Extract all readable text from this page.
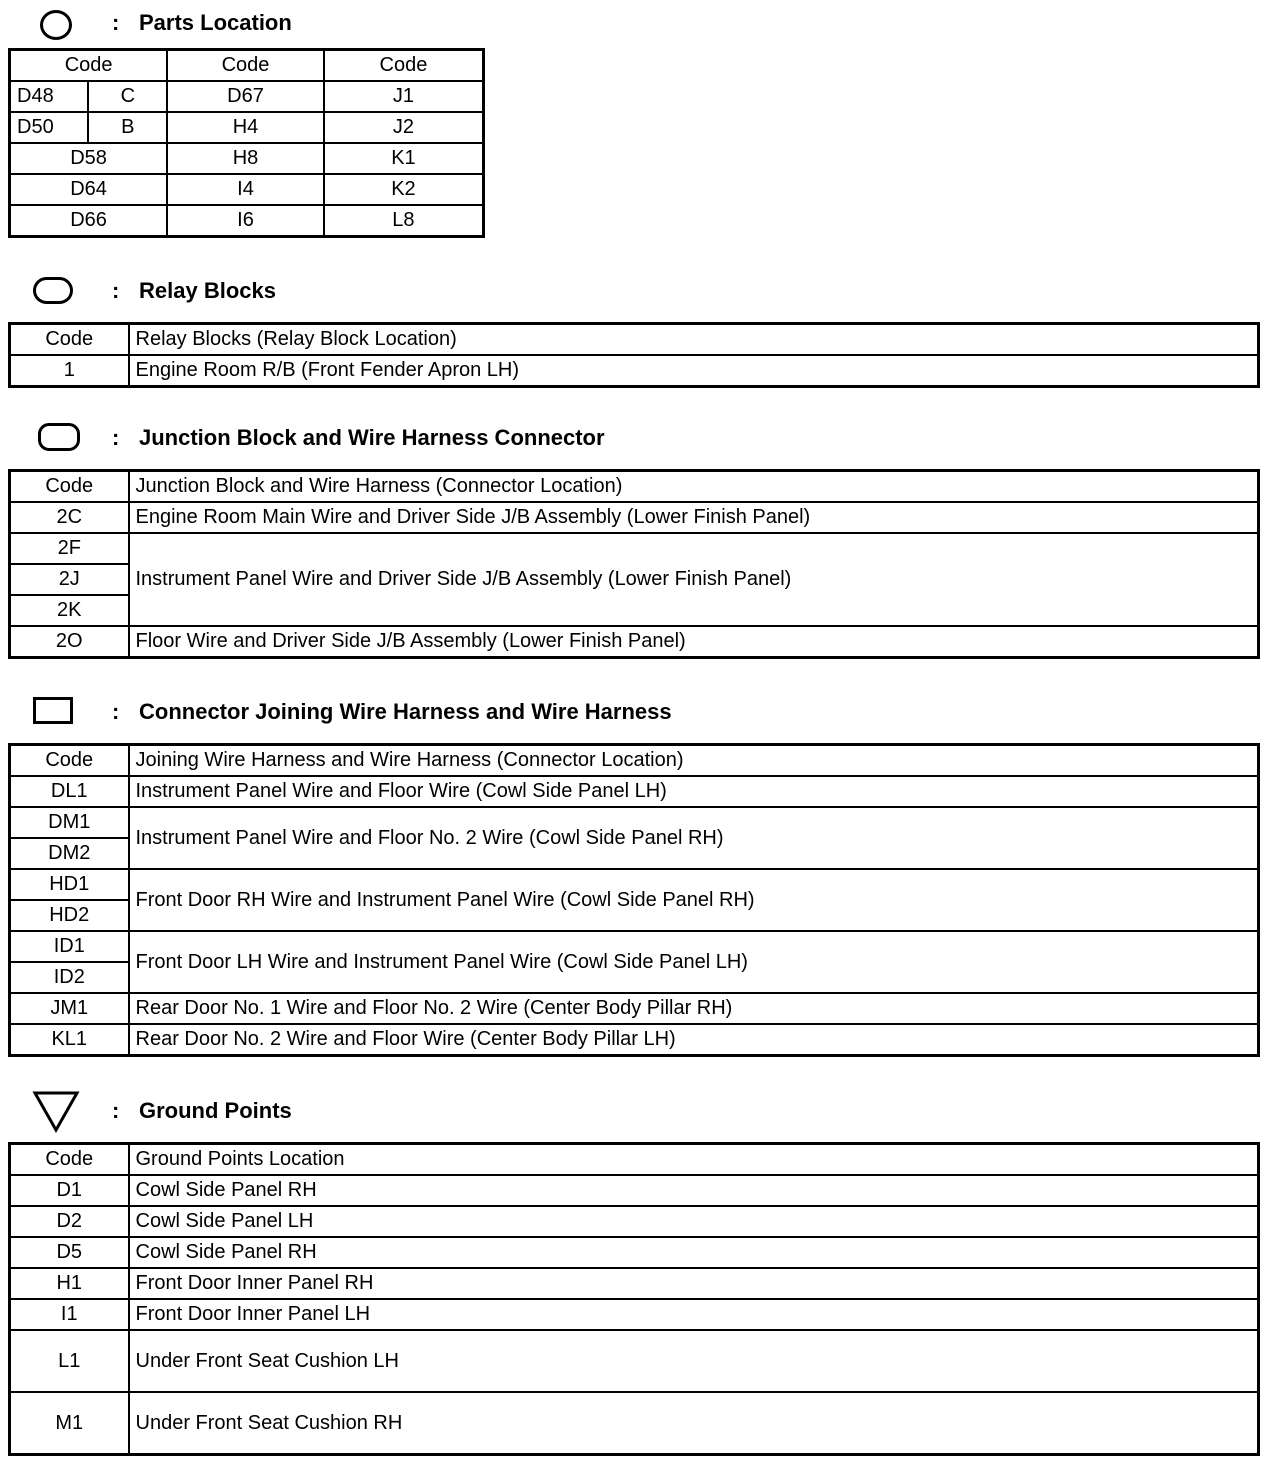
: Parts Location
Code		Code	Code
D48	C	D67	J1
D50	B	H4	J2
D58		H8	K1
D64		I4	K2
D66		I6	L8
: Relay Blocks
Code	Relay Blocks (Relay Block Location)
1	Engine Room R/B (Front Fender Apron LH)
: Junction Block and Wire Harness Connector
Code	Junction Block and Wire Harness (Connector Location)
2C	Engine Room Main Wire and Driver Side J/B Assembly (Lower Finish Panel)
2F	Instrument Panel Wire and Driver Side J/B Assembly (Lower Finish Panel)
2J	
2K	
2O	Floor Wire and Driver Side J/B Assembly (Lower Finish Panel)
: Connector Joining Wire Harness and Wire Harness
Code	Joining Wire Harness and Wire Harness (Connector Location)
DL1	Instrument Panel Wire and Floor Wire (Cowl Side Panel LH)
DM1	Instrument Panel Wire and Floor No. 2 Wire (Cowl Side Panel RH)
DM2	
HD1	Front Door RH Wire and Instrument Panel Wire (Cowl Side Panel RH)
HD2	
ID1	Front Door LH Wire and Instrument Panel Wire (Cowl Side Panel LH)
ID2	
JM1	Rear Door No. 1 Wire and Floor No. 2 Wire (Center Body Pillar RH)
KL1	Rear Door No. 2 Wire and Floor Wire (Center Body Pillar LH)
: Ground Points
Code	Ground Points Location
D1	Cowl Side Panel RH
D2	Cowl Side Panel LH
D5	Cowl Side Panel RH
H1	Front Door Inner Panel RH
I1	Front Door Inner Panel LH
L1	Under Front Seat Cushion LH
M1	Under Front Seat Cushion RH
